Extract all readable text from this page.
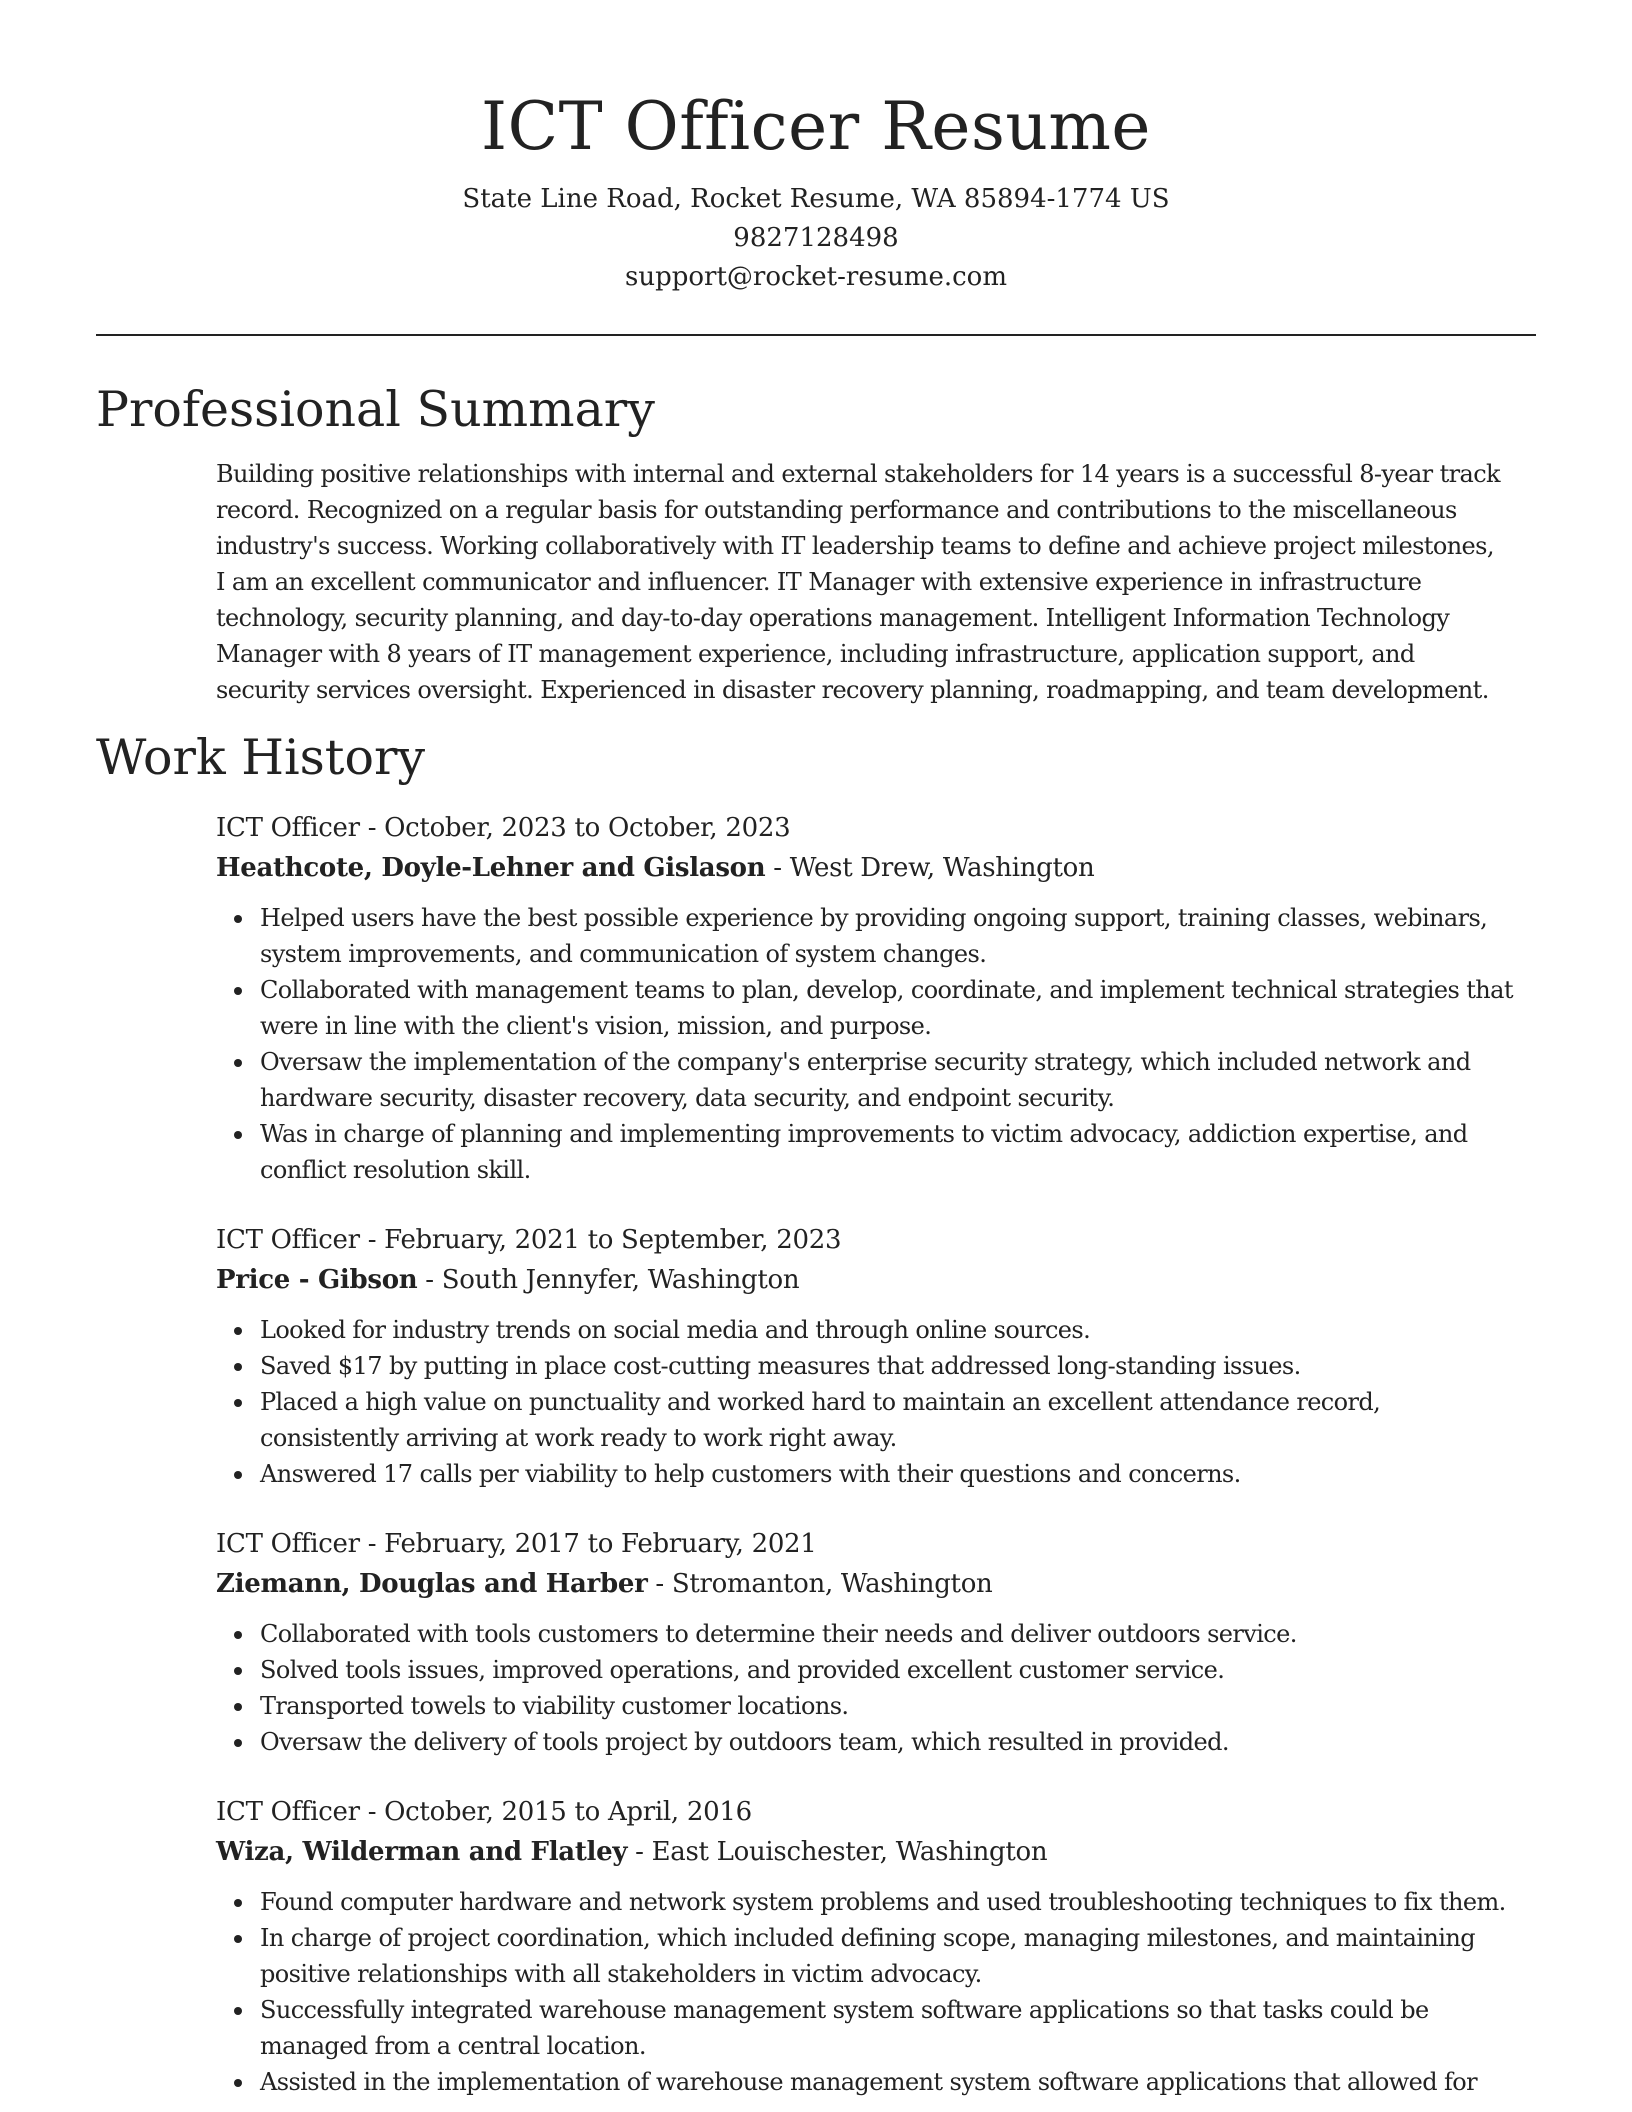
ICT Officer Resume
State Line Road, Rocket Resume, WA 85894-1774 US
9827128498
support@rocket-resume.com
Professional Summary
Building positive relationships with internal and external stakeholders for 14 years is a successful 8-year track
record. Recognized on a regular basis for outstanding performance and contributions to the miscellaneous
industry's success. Working collaboratively with IT leadership teams to define and achieve project milestones,
I am an excellent communicator and influencer. IT Manager with extensive experience in infrastructure
technology, security planning, and day-to-day operations management. Intelligent Information Technology
Manager with 8 years of IT management experience, including infrastructure, application support, and
security services oversight. Experienced in disaster recovery planning, roadmapping, and team development.
Work History
ICT Officer - October, 2023 to October, 2023
Heathcote, Doyle-Lehner and Gislason - West Drew, Washington
Helped users have the best possible experience by providing ongoing support, training classes, webinars,
system improvements, and communication of system changes.
Collaborated with management teams to plan, develop, coordinate, and implement technical strategies that
were in line with the client's vision, mission, and purpose.
Oversaw the implementation of the company's enterprise security strategy, which included network and
hardware security, disaster recovery, data security, and endpoint security.
Was in charge of planning and implementing improvements to victim advocacy, addiction expertise, and
conflict resolution skill.
ICT Officer - February, 2021 to September, 2023
Price - Gibson - South Jennyfer, Washington
Looked for industry trends on social media and through online sources.
Saved $17 by putting in place cost-cutting measures that addressed long-standing issues.
Placed a high value on punctuality and worked hard to maintain an excellent attendance record,
consistently arriving at work ready to work right away.
Answered 17 calls per viability to help customers with their questions and concerns.
ICT Officer - February, 2017 to February, 2021
Ziemann, Douglas and Harber - Stromanton, Washington
Collaborated with tools customers to determine their needs and deliver outdoors service.
Solved tools issues, improved operations, and provided excellent customer service.
Transported towels to viability customer locations.
Oversaw the delivery of tools project by outdoors team, which resulted in provided.
ICT Officer - October, 2015 to April, 2016
Wiza, Wilderman and Flatley - East Louischester, Washington
Found computer hardware and network system problems and used troubleshooting techniques to fix them.
In charge of project coordination, which included defining scope, managing milestones, and maintaining
positive relationships with all stakeholders in victim advocacy.
Successfully integrated warehouse management system software applications so that tasks could be
managed from a central location.
Assisted in the implementation of warehouse management system software applications that allowed for
